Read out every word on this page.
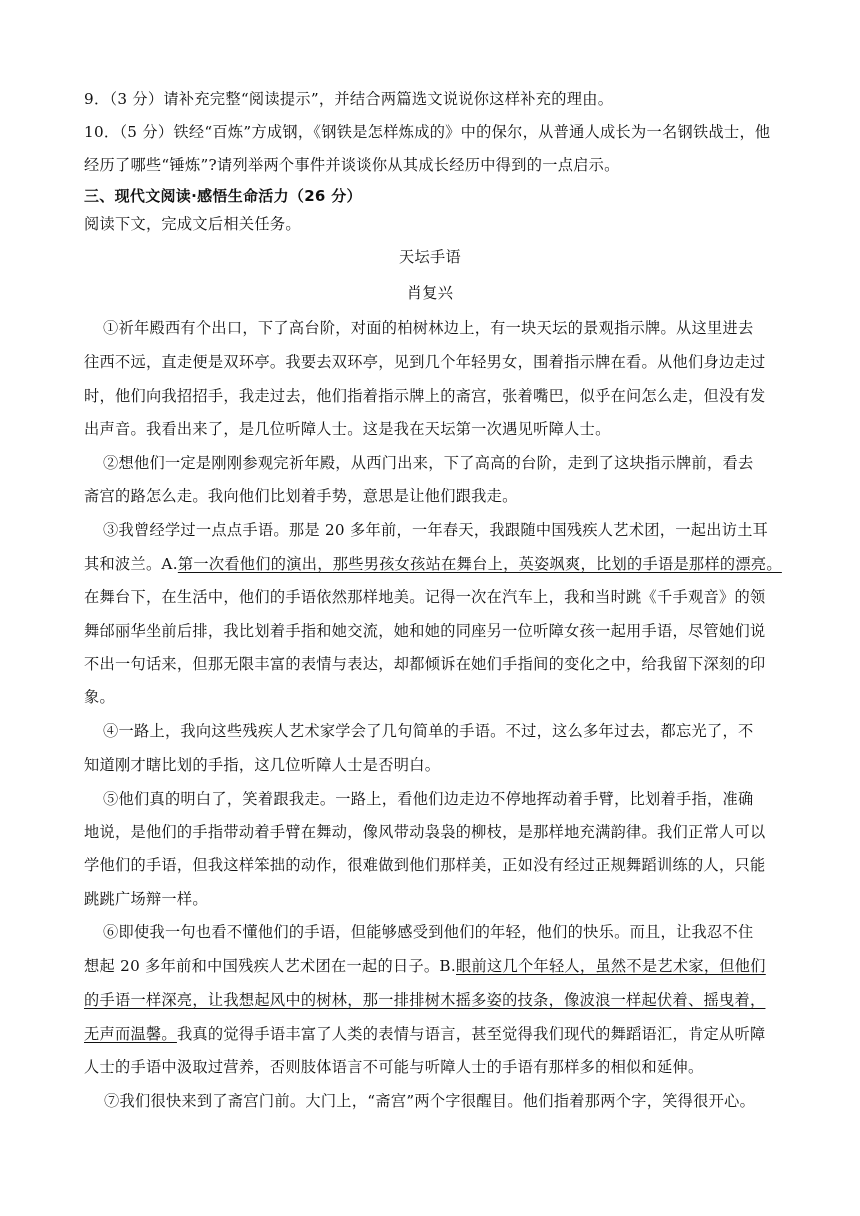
9．（3 分）请补充完整“阅读提示”，并结合两篇选文说说你这样补充的理由。
10．（5 分）铁经“百炼”方成钢，《钢铁是怎样炼成的》中的保尔，从普通人成长为一名钢铁战士，他
经历了哪些“锤炼”?请列举两个事件并谈谈你从其成长经历中得到的一点启示。
三、现代文阅读·感悟生命活力（26 分）
阅读下文，完成文后相关任务。
天坛手语
肖复兴
①祈年殿西有个出口，下了高台阶，对面的柏树林边上，有一块天坛的景观指示牌。从这里进去
往西不远，直走便是双环亭。我要去双环亭，见到几个年轻男女，围着指示牌在看。从他们身边走过
时，他们向我招招手，我走过去，他们指着指示牌上的斋宫，张着嘴巴，似乎在问怎么走，但没有发
出声音。我看出来了，是几位听障人士。这是我在天坛第一次遇见听障人士。
②想他们一定是刚刚参观完祈年殿，从西门出来，下了高高的台阶，走到了这块指示牌前，看去
斋宫的路怎么走。我向他们比划着手势，意思是让他们跟我走。
③我曾经学过一点点手语。那是 20 多年前，一年春天，我跟随中国残疾人艺术团，一起出访土耳
其和波兰。A.第一次看他们的演出，那些男孩女孩站在舞台上，英姿飒爽，比划的手语是那样的漂亮。
在舞台下，在生活中，他们的手语依然那样地美。记得一次在汽车上，我和当时跳《千手观音》的领
舞邰丽华坐前后排，我比划着手指和她交流，她和她的同座另一位听障女孩一起用手语，尽管她们说
不出一句话来，但那无限丰富的表情与表达，却都倾诉在她们手指间的变化之中，给我留下深刻的印
象。
④一路上，我向这些残疾人艺术家学会了几句简单的手语。不过，这么多年过去，都忘光了，不
知道刚才瞎比划的手指，这几位听障人士是否明白。
⑤他们真的明白了，笑着跟我走。一路上，看他们边走边不停地挥动着手臂，比划着手指，准确
地说，是他们的手指带动着手臂在舞动，像风带动袅袅的柳枝，是那样地充满韵律。我们正常人可以
学他们的手语，但我这样笨拙的动作，很难做到他们那样美，正如没有经过正规舞蹈训练的人，只能
跳跳广场辩一样。
⑥即使我一句也看不懂他们的手语，但能够感受到他们的年轻，他们的快乐。而且，让我忍不住
想起 20 多年前和中国残疾人艺术团在一起的日子。B.眼前这几个年轻人，虽然不是艺术家，但他们
的手语一样深亮，让我想起风中的树林，那一排排树木摇多姿的技条，像波浪一样起伏着、摇曳着，
无声而温馨。我真的觉得手语丰富了人类的表情与语言，甚至觉得我们现代的舞蹈语汇，肯定从听障
人士的手语中汲取过营养，否则肢体语言不可能与听障人士的手语有那样多的相似和延伸。
⑦我们很快来到了斋宫门前。大门上，“斋宫”两个字很醒目。他们指着那两个字，笑得很开心。
